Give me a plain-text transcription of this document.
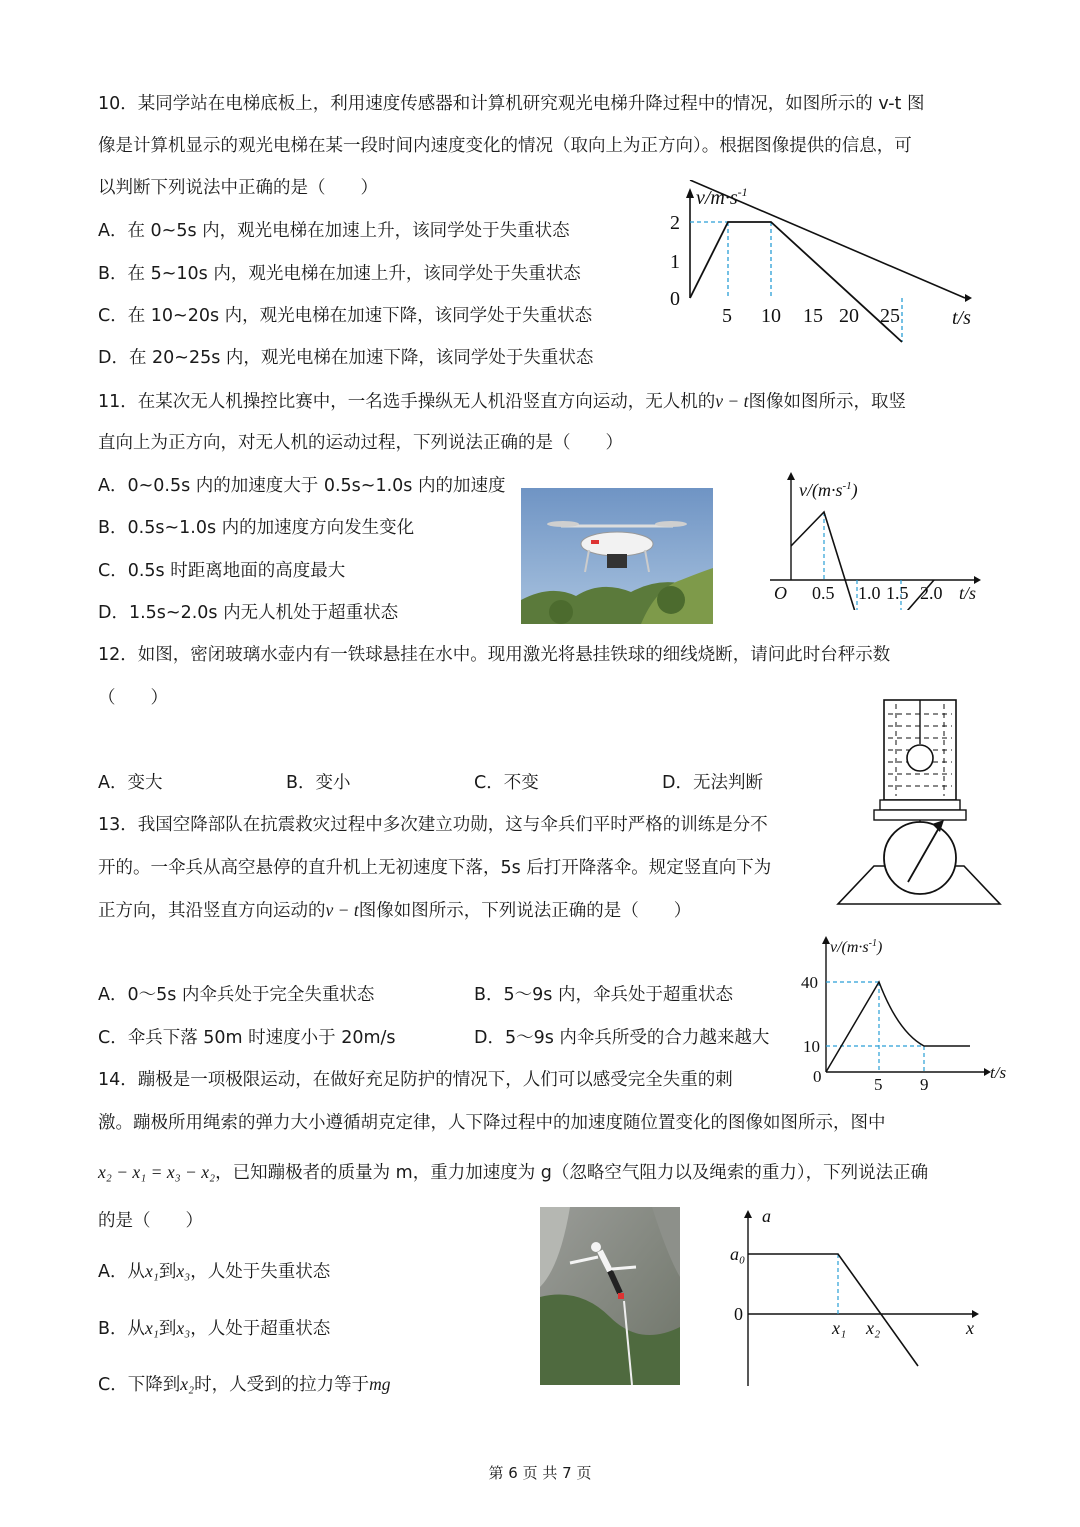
10．某同学站在电梯底板上，利用速度传感器和计算机研究观光电梯升降过程中的情况，如图所示的 v-t 图
像是计算机显示的观光电梯在某一段时间内速度变化的情况（取向上为正方向）。根据图像提供的信息，可
以判断下列说法中正确的是（　　）
A．在 0~5s 内，观光电梯在加速上升，该同学处于失重状态
B．在 5~10s 内，观光电梯在加速上升，该同学处于失重状态
C．在 10~20s 内，观光电梯在加速下降，该同学处于失重状态
D．在 20~25s 内，观光电梯在加速下降，该同学处于失重状态
$v/m\cdot s^{-1}$
t/s
2
1
0
5 10 15 20 25
11．在某次无人机操控比赛中，一名选手操纵无人机沿竖直方向运动，无人机的v − t图像如图所示，取竖
直向上为正方向，对无人机的运动过程，下列说法正确的是（　　）
A．0~0.5s 内的加速度大于 0.5s~1.0s 内的加速度
B．0.5s~1.0s 内的加速度方向发生变化
C．0.5s 时距离地面的高度最大
D．1.5s~2.0s 内无人机处于超重状态
$v/(m\cdot s^{-1})$
O 0.5 1.0 1.5 2.0 t/s
12．如图，密闭玻璃水壶内有一铁球悬挂在水中。现用激光将悬挂铁球的细线烧断，请问此时台秤示数
（　　）
A．变大	B．变小	C．不变	D．无法判断
13．我国空降部队在抗震救灾过程中多次建立功勋，这与伞兵们平时严格的训练是分不
开的。一伞兵从高空悬停的直升机上无初速度下落，5s 后打开降落伞。规定竖直向下为
正方向，其沿竖直方向运动的v − t图像如图所示，下列说法正确的是（　　）
A．0～5s 内伞兵处于完全失重状态	B．5～9s 内，伞兵处于超重状态
C．伞兵下落 50m 时速度小于 20m/s	D．5～9s 内伞兵所受的合力越来越大
$v/(m\cdot s^{-1})$
40
10
0	5 9
t/s
14．蹦极是一项极限运动，在做好充足防护的情况下，人们可以感受完全失重的刺
激。蹦极所用绳索的弹力大小遵循胡克定律，人下降过程中的加速度随位置变化的图像如图所示，图中
x₂ − x₁ = x₃ − x₂，已知蹦极者的质量为 m，重力加速度为 g（忽略空气阻力以及绳索的重力），下列说法正确
的是（　　）
A．从x₁到x₃，人处于失重状态
B．从x₁到x₃，人处于超重状态
C．下降到x₂时，人受到的拉力等于mg
a
a₀
0
x₁ x₂	x
第 6 页 共 7 页
